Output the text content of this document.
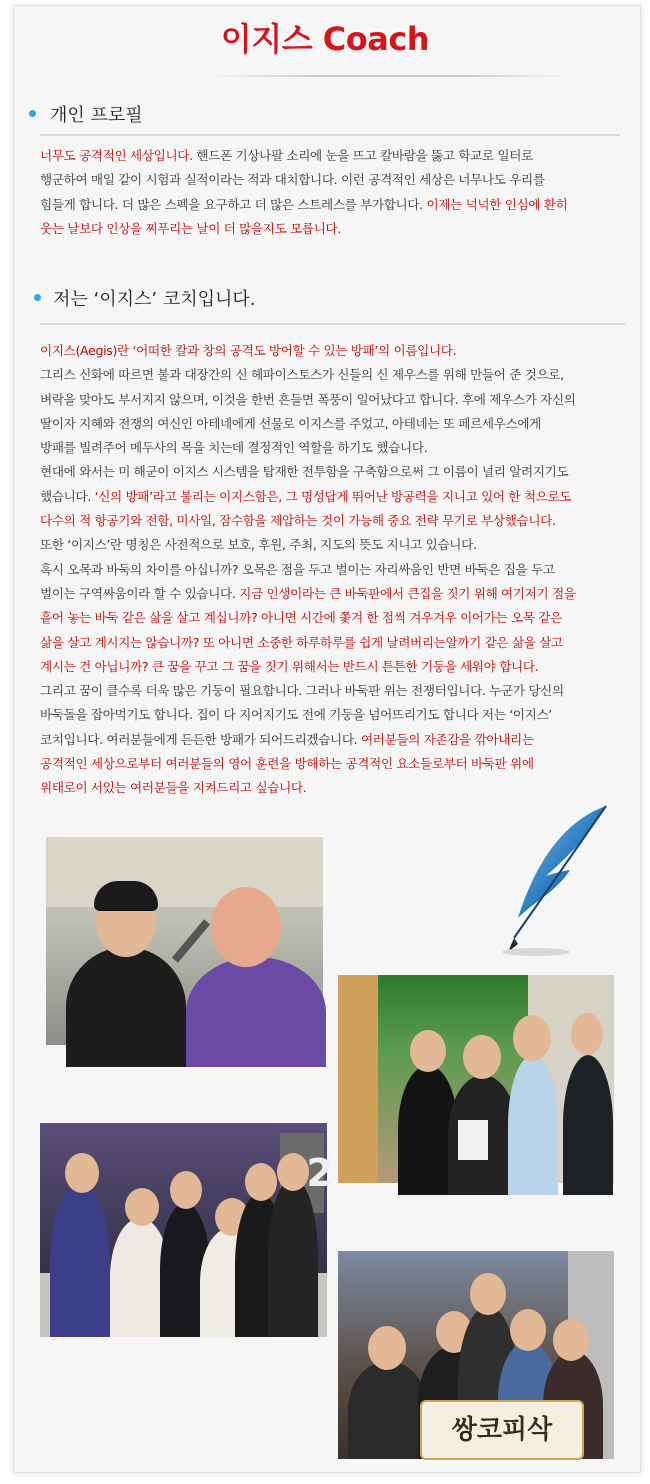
이지스 Coach
개인 프로필
너무도 공격적인 세상입니다. 핸드폰 기상나팔 소리에 눈을 뜨고 칼바람을 뚫고 학교로 일터로
행군하여 매일 같이 시험과 실적이라는 적과 대치합니다. 이런 공격적인 세상은 너무나도 우리를
힘들게 합니다. 더 많은 스펙을 요구하고 더 많은 스트레스를 부가합니다. 이제는 넉넉한 인심에 환히
웃는 날보다 인상을 찌푸리는 날이 더 많을지도 모릅니다.
저는 ‘이지스’ 코치입니다.
이지스(Aegis)란 ‘어떠한 칼과 창의 공격도 방어할 수 있는 방패’의 이름입니다.
그리스 신화에 따르면 불과 대장간의 신 헤파이스토스가 신들의 신 제우스를 위해 만들어 준 것으로,
벼락을 맞아도 부서지지 않으며, 이것을 한번 흔들면 폭풍이 일어났다고 합니다. 후에 제우스가 자신의
딸이자 지혜와 전쟁의 여신인 아테네에게 선물로 이지스를 주었고, 아테네는 또 페르세우스에게
방패를 빌려주어 메두사의 목을 치는데 결정적인 역할을 하기도 했습니다.
현대에 와서는 미 해군이 이지스 시스템을 탑재한 전투함을 구축함으로써 그 이름이 널리 알려지기도
했습니다. ‘신의 방패’라고 불리는 이지스함은, 그 명성답게 뛰어난 방공력을 지니고 있어 한 척으로도
다수의 적 항공기와 전함, 미사일, 잠수함을 제압하는 것이 가능해 중요 전략 무기로 부상했습니다.
또한 ‘이지스’란 명칭은 사전적으로 보호, 후원, 주최, 지도의 뜻도 지니고 있습니다.
혹시 오목과 바둑의 차이를 아십니까? 오목은 점을 두고 벌이는 자리싸움인 반면 바둑은 집을 두고
벌이는 구역싸움이라 할 수 있습니다. 지금 인생이라는 큰 바둑판에서 큰집을 짓기 위해 여기저기 점을
흩어 놓는 바둑 같은 삶을 살고 계십니까? 아니면 시간에 쫓겨 한 점씩 겨우겨우 이어가는 오목 같은
삶을 살고 계시지는 않습니까? 또 아니면 소중한 하루하루를 쉽게 날려버리는알까기 같은 삶을 살고
계시는 건 아닙니까? 큰 꿈을 꾸고 그 꿈을 짓기 위해서는 반드시 튼튼한 기둥을 세워야 합니다.
그리고 꿈이 클수록 더욱 많은 기둥이 필요합니다. 그러나 바둑판 위는 전쟁터입니다. 누군가 당신의
바둑돌을 잡아먹기도 합니다. 집이 다 지어지기도 전에 기둥을 넘어뜨리기도 합니다 저는 ‘이지스’
코치입니다. 여러분들에게 든든한 방패가 되어드리겠습니다. 여러분들의 자존감을 깎아내리는
공격적인 세상으로부터 여러분들의 영어 훈련을 방해하는 공격적인 요소들로부터 바둑판 위에
위태로이 서있는 여러분들을 지켜드리고 싶습니다.
쌍코피삭
